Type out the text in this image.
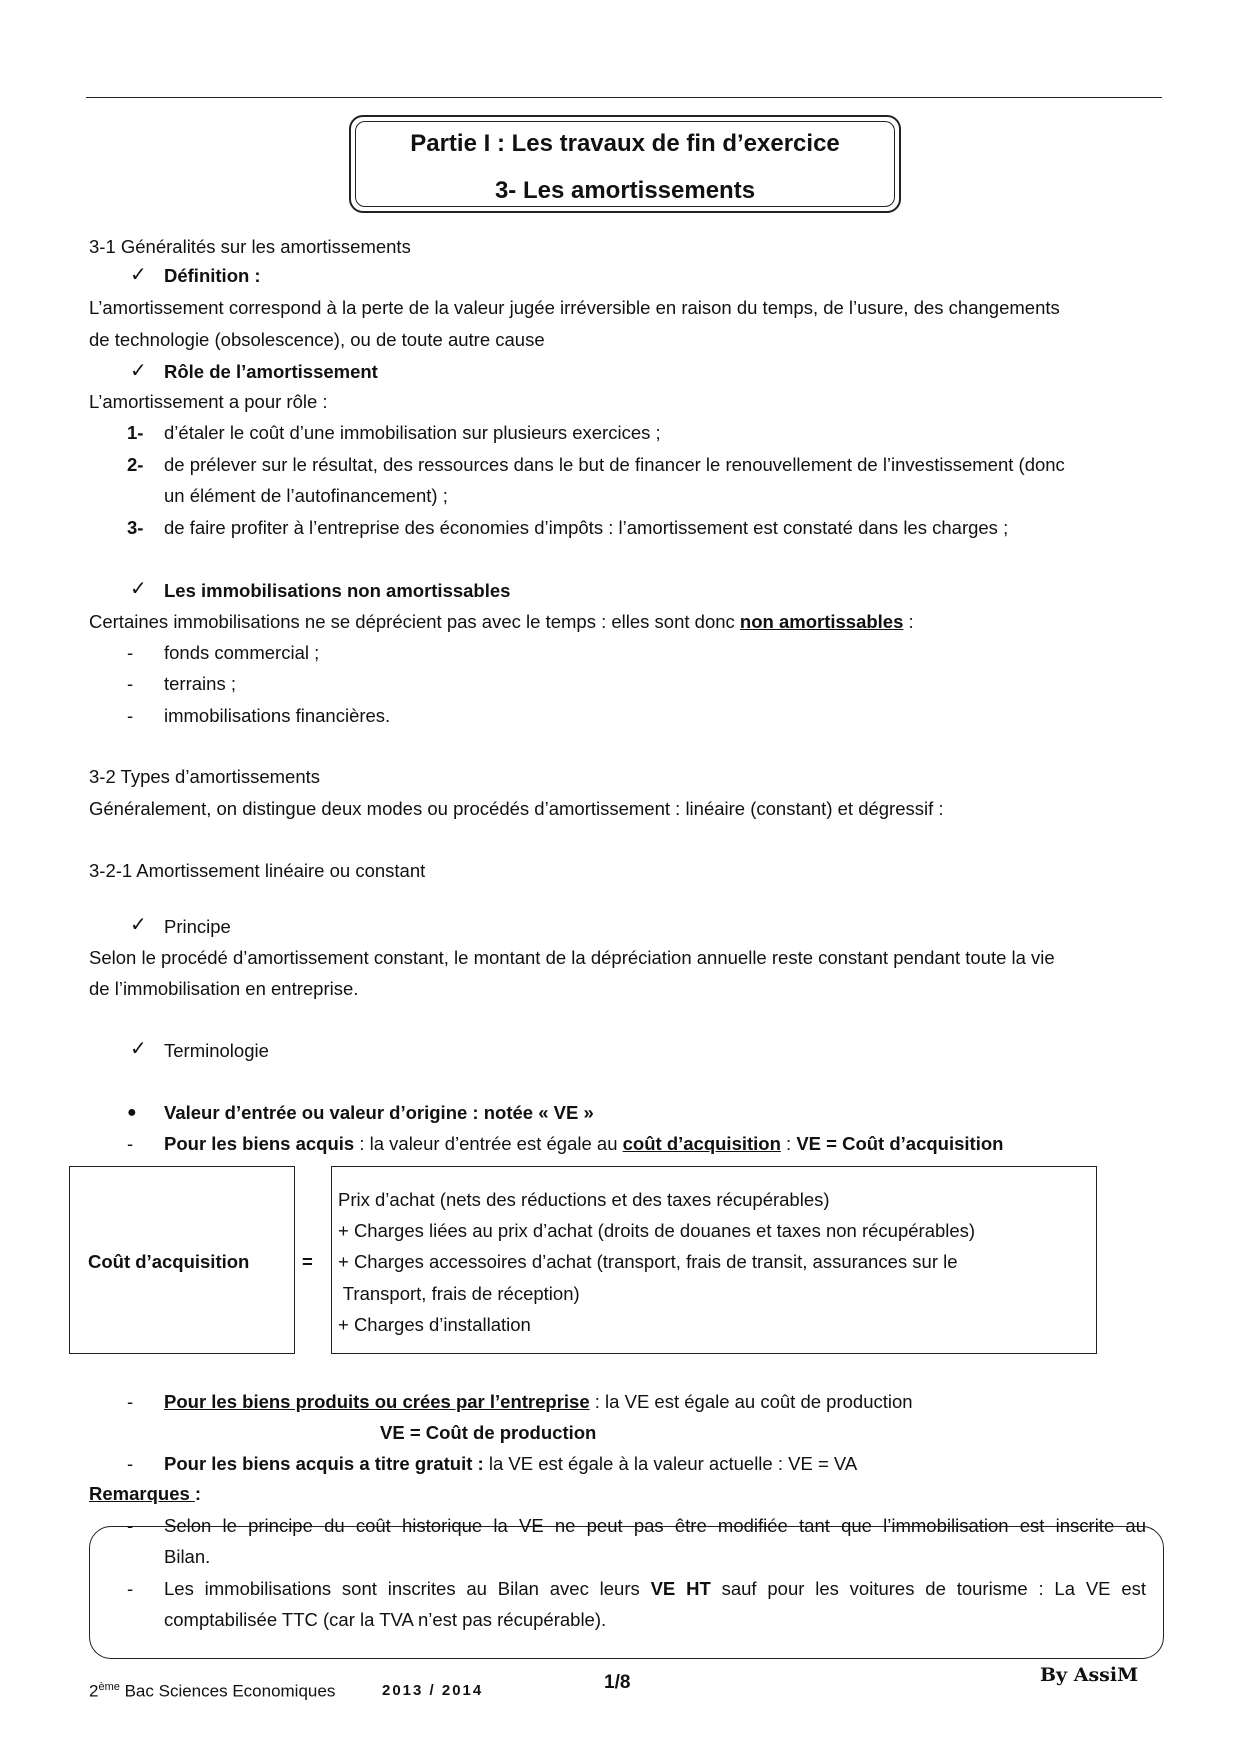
Partie I : Les travaux de fin d’exercice
3- Les amortissements
3-1 Généralités sur les amortissements
✓ Définition :
L’amortissement correspond à la perte de la valeur jugée irréversible en raison du temps, de l’usure, des changements
de technologie (obsolescence), ou de toute autre cause
✓ Rôle de l’amortissement
L’amortissement a pour rôle :
1- d’étaler le coût d’une immobilisation sur plusieurs exercices ;
2- de prélever sur le résultat, des ressources dans le but de financer le renouvellement de l’investissement (donc
un élément de l’autofinancement) ;
3- de faire profiter à l’entreprise des économies d’impôts : l’amortissement est constaté dans les charges ;
✓ Les immobilisations non amortissables
Certaines immobilisations ne se déprécient pas avec le temps : elles sont donc non amortissables :
- fonds commercial ;
- terrains ;
- immobilisations financières.
3-2 Types d’amortissements
Généralement, on distingue deux modes ou procédés d’amortissement : linéaire (constant) et dégressif :
3-2-1 Amortissement linéaire ou constant
✓ Principe
Selon le procédé d’amortissement constant, le montant de la dépréciation annuelle reste constant pendant toute la vie
de l’immobilisation en entreprise.
✓ Terminologie
● Valeur d’entrée ou valeur d’origine : notée « VE »
- Pour les biens acquis : la valeur d’entrée est égale au coût d’acquisition : VE = Coût d’acquisition
Coût d’acquisition	=
Prix d’achat (nets des réductions et des taxes récupérables)
+ Charges liées au prix d’achat (droits de douanes et taxes non récupérables)
+ Charges accessoires d’achat (transport, frais de transit, assurances sur le
Transport, frais de réception)
+ Charges d’installation
- Pour les biens produits ou crées par l’entreprise : la VE est égale au coût de production
VE = Coût de production
- Pour les biens acquis a titre gratuit : la VE est égale à la valeur actuelle : VE = VA
Remarques :
- Selon le principe du coût historique la VE ne peut pas être modifiée tant que l’immobilisation est inscrite au
Bilan.
- Les immobilisations sont inscrites au Bilan avec leurs VE HT sauf pour les voitures de tourisme : La VE est
comptabilisée TTC (car la TVA n’est pas récupérable).
2ème Bac Sciences Economiques	2013 / 2014	1/8	By AssiM
